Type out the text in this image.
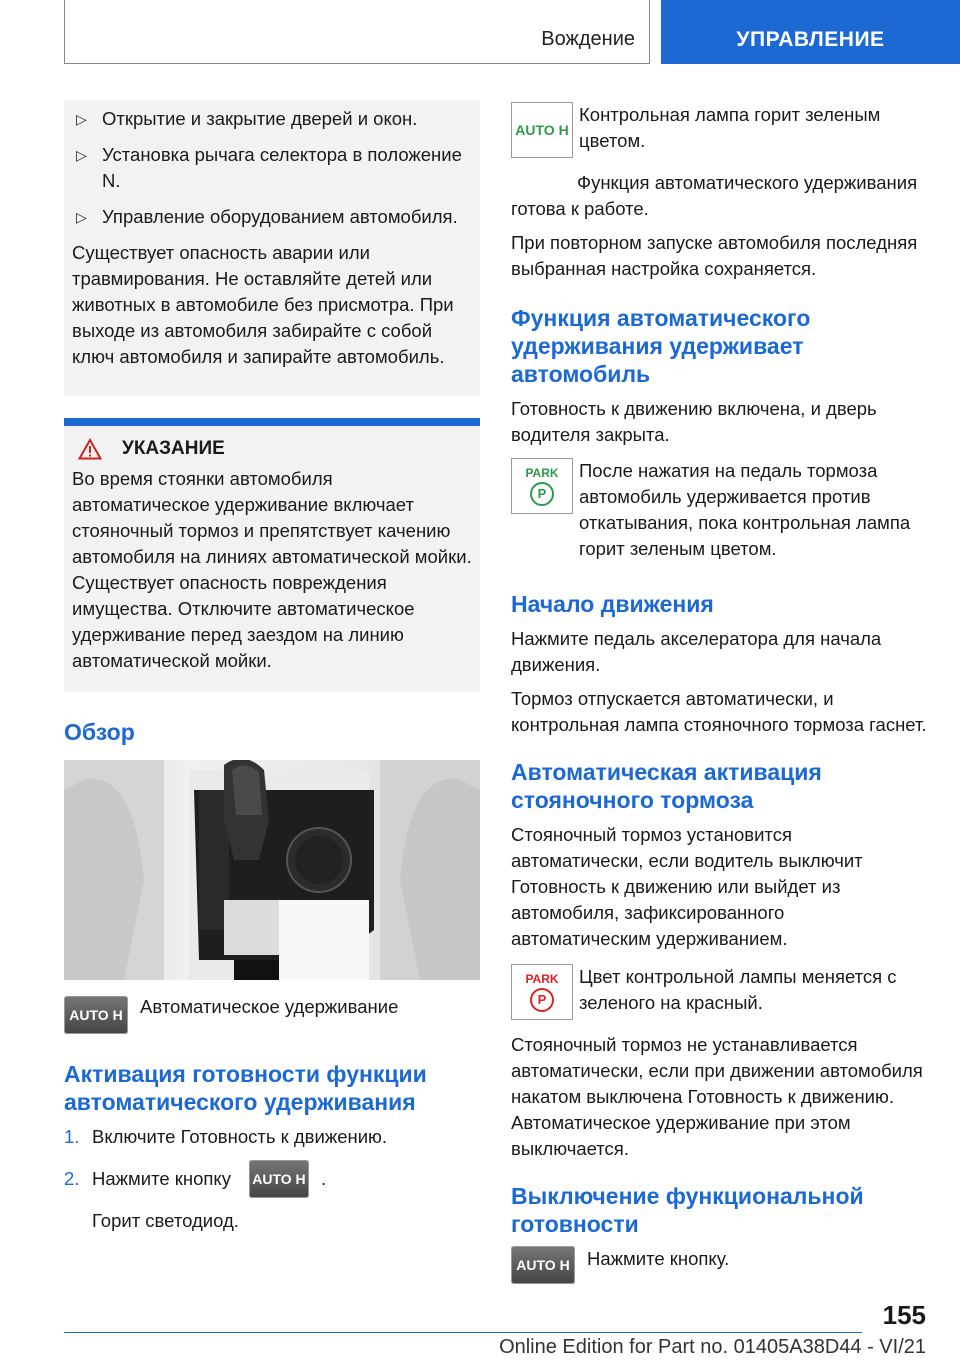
Вождение	УПРАВЛЕНИЕ
▷ Открытие и закрытие дверей и окон.
▷ Установка рычага селектора в положение N.
▷ Управление оборудованием автомобиля.

Существует опасность аварии или травмирования. Не оставляйте детей или животных в автомобиле без присмотра. При выходе из автомобиля забирайте с собой ключ автомобиля и запирайте автомобиль.

УКАЗАНИЕ

Во время стоянки автомобиля автоматическое удерживание включает стояночный тормоз и препятствует качению автомобиля на линиях автоматической мойки. Существует опасность повреждения имущества. Отключите автоматическое удерживание перед заездом на линию автоматической мойки.

Обзор
AUTO H Автоматическое удерживание
Активация готовности функции автоматического удерживания
1. Включите Готовность к движению.
2. Нажмите кнопку AUTO H .

Горит светодиод.

AUTO H
Контрольная лампа горит зеленым цветом.

Функция автоматического удерживания готова к работе.

При повторном запуске автомобиля последняя выбранная настройка сохраняется.

Функция автоматического удерживания удерживает автомобиль

Готовность к движению включена, и дверь водителя закрыта.

PARK
P
После нажатия на педаль тормоза автомобиль удерживается против откатывания, пока контрольная лампа горит зеленым цветом.
Начало движения

Нажмите педаль акселератора для начала движения.

Тормоз отпускается автоматически, и контрольная лампа стояночного тормоза гаснет.

Автоматическая активация стояночного тормоза

Стояночный тормоз установится автоматически, если водитель выключит Готовность к движению или выйдет из автомобиля, зафиксированного автоматическим удерживанием.

PARK
P
Цвет контрольной лампы меняется с зеленого на красный.

Стояночный тормоз не устанавливается автоматически, если при движении автомобиля накатом выключена Готовность к движению. Автоматическое удерживание при этом выключается.

Выключение функциональной готовности
AUTO H Нажмите кнопку.
155
Online Edition for Part no. 01405A38D44 - VI/21
